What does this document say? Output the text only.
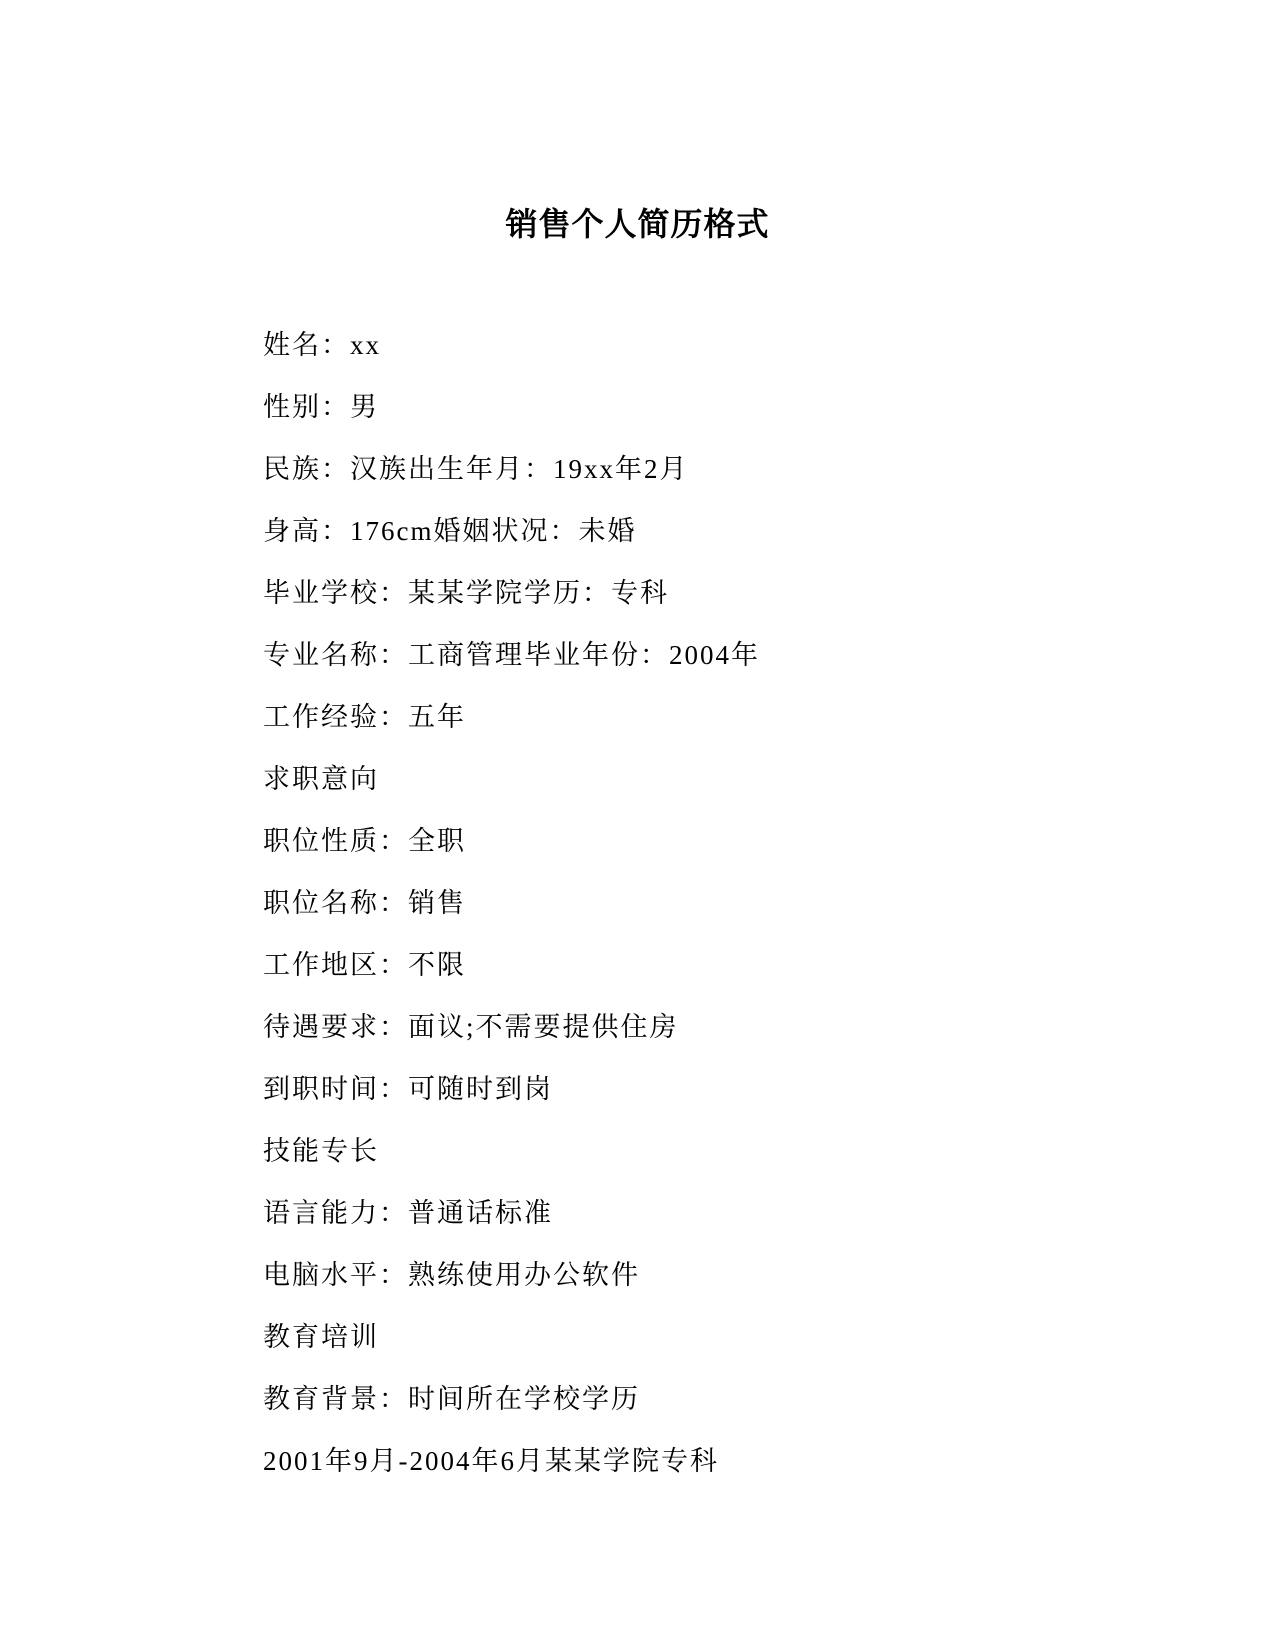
销售个人简历格式
姓名：xx
性别：男
民族：汉族出生年月：19xx年2月
身高：176cm婚姻状况：未婚
毕业学校：某某学院学历：专科
专业名称：工商管理毕业年份：2004年
工作经验：五年
求职意向
职位性质：全职
职位名称：销售
工作地区：不限
待遇要求：面议;不需要提供住房
到职时间：可随时到岗
技能专长
语言能力：普通话标准
电脑水平：熟练使用办公软件
教育培训
教育背景：时间所在学校学历
2001年9月-2004年6月某某学院专科
